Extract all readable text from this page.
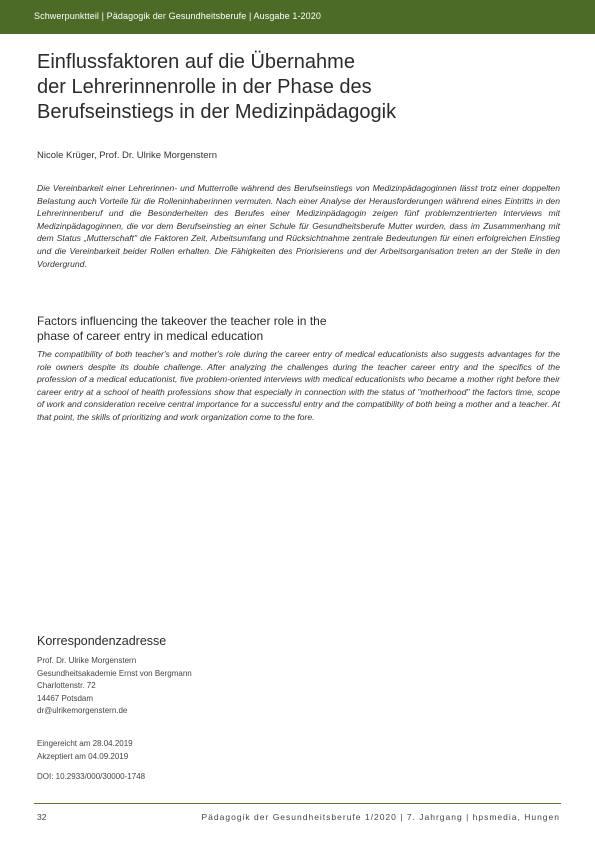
Schwerpunktteil | Pädagogik der Gesundheitsberufe | Ausgabe 1-2020
Einflussfaktoren auf die Übernahme
der Lehrerinnenrolle in der Phase des
Berufseinstiegs in der Medizinpädagogik
Nicole Krüger, Prof. Dr. Ulrike Morgenstern

Die Vereinbarkeit einer Lehrerinnen- und Mutterrolle während des Berufseinstiegs von Medizinpädagoginnen lässt trotz einer doppelten Belastung auch Vorteile für die Rolleninhaberinnen vermuten. Nach einer Analyse der Herausforderungen während eines Eintritts in den Lehrerinnenberuf und die Besonderheiten des Berufes einer Medizinpädagogin zeigen fünf problemzentrierten Interviews mit Medizinpädagoginnen, die vor dem Berufseinstieg an einer Schule für Gesundheitsberufe Mutter wurden, dass im Zusammenhang mit dem Status „Mutterschaft" die Faktoren Zeit, Arbeitsumfang und Rücksichtnahme zentrale Bedeutungen für einen erfolgreichen Einstieg und die Vereinbarkeit beider Rollen erhalten. Die Fähigkeiten des Priorisierens und der Arbeitsorganisation treten an der Stelle in den Vordergrund.

Factors influencing the takeover the teacher role in the
phase of career entry in medical education

The compatibility of both teacher's and mother's role during the career entry of medical educationists also suggests advantages for the role owners despite its double challenge. After analyzing the challenges during the teacher career entry and the specifics of the profession of a medical educationist, five problem-oriented interviews with medical educationists who became a mother right before their career entry at a school of health professions show that especially in connection with the status of "motherhood" the factors time, scope of work and consideration receive central importance for a successful entry and the compatibility of both being a mother and a teacher. At that point, the skills of prioritizing and work organization come to the fore.

Korrespondenzadresse
Prof. Dr. Ulrike Morgenstern
Gesundheitsakademie Ernst von Bergmann
Charlottenstr. 72
14467 Potsdam
dr@ulrikemorgenstern.de
Eingereicht am 28.04.2019
Akzeptiert am 04.09.2019
DOI: 10.2933/000/30000-1748
32	Pädagogik der Gesundheitsberufe 1/2020 | 7. Jahrgang | hpsmedia, Hungen
